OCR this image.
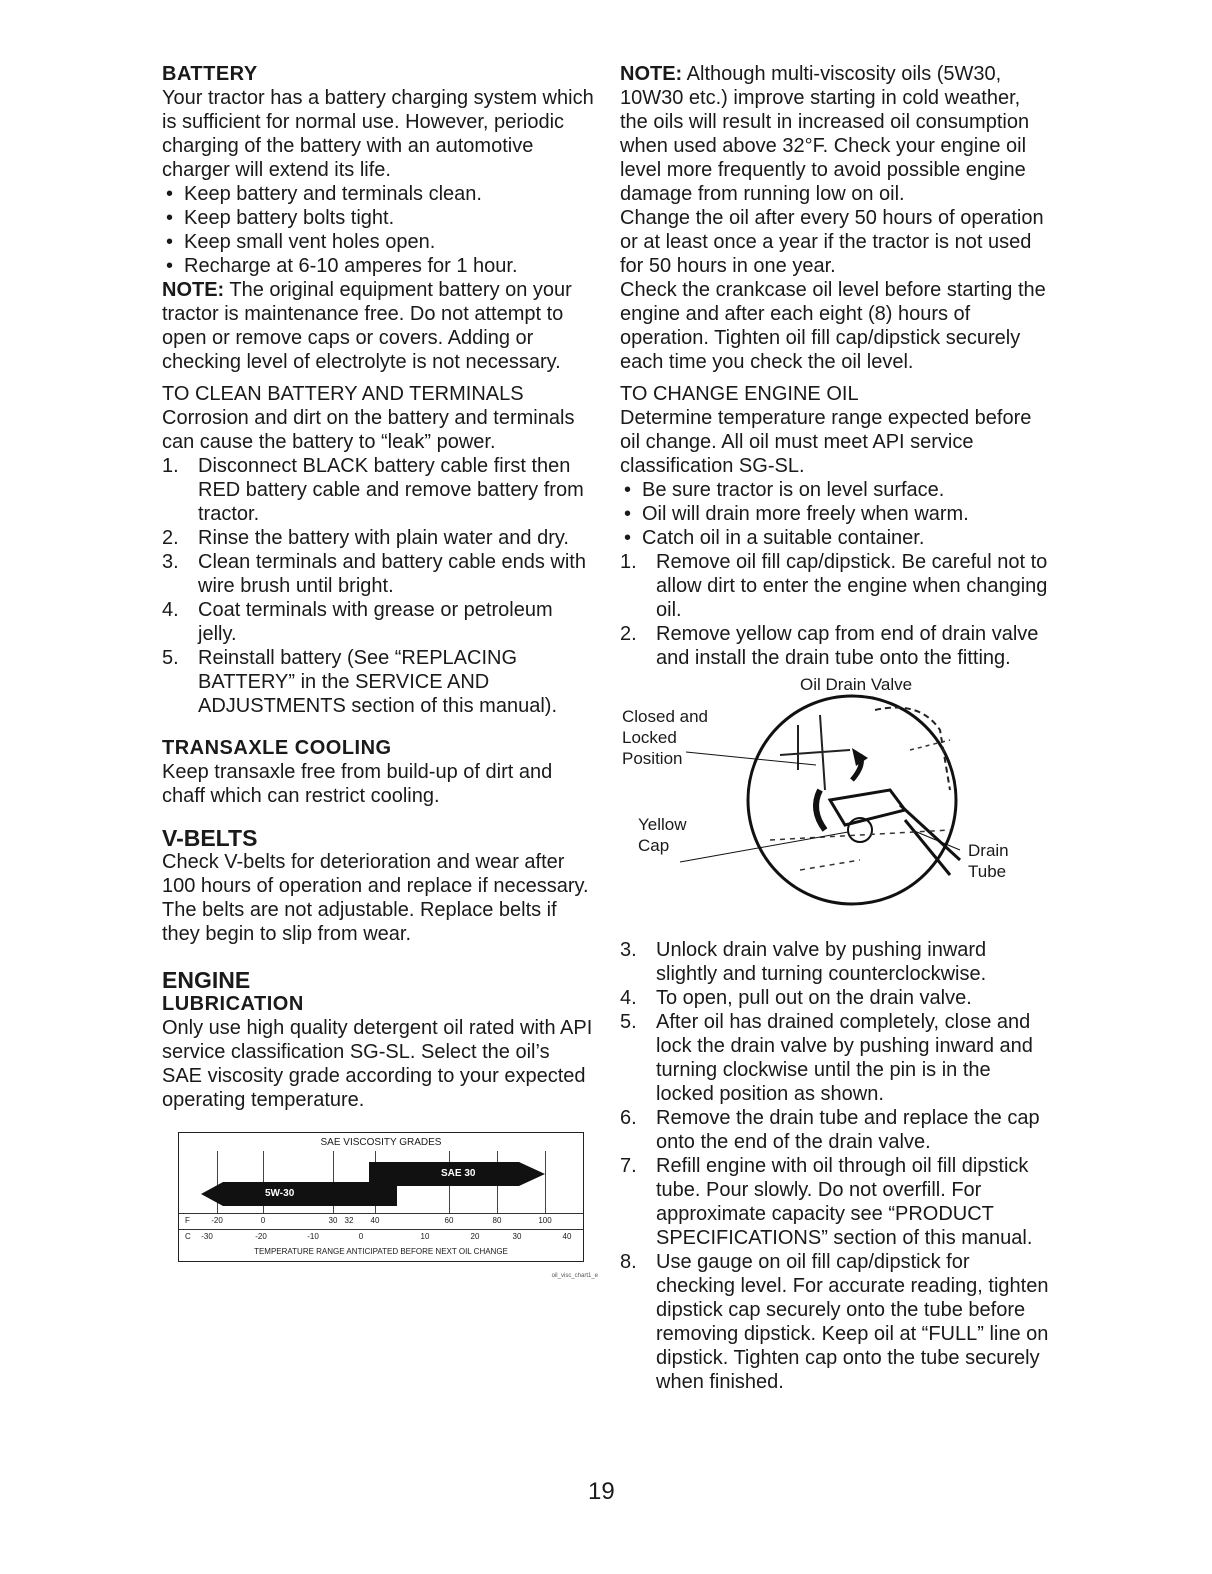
BATTERY

Your tractor has a battery charging system which is sufficient for normal use. However, periodic charging of the battery with an automotive charger will extend its life.

• Keep battery and terminals clean.
• Keep battery bolts tight.
• Keep small vent holes open.
• Recharge at 6-10 amperes for 1 hour.

NOTE: The original equipment battery on your tractor is maintenance free. Do not attempt to open or remove caps or covers. Adding or checking level of electrolyte is not necessary.

TO CLEAN BATTERY AND TERMINALS

Corrosion and dirt on the battery and terminals can cause the battery to “leak” power.

1. Disconnect BLACK battery cable first then RED battery cable and remove battery from tractor.
2. Rinse the battery with plain water and dry.
3. Clean terminals and battery cable ends with wire brush until bright.
4. Coat terminals with grease or petroleum jelly.
5. Reinstall battery (See “REPLACING BATTERY” in the SERVICE AND ADJUSTMENTS section of this manual).

TRANSAXLE COOLING

Keep transaxle free from build-up of dirt and chaff which can restrict cooling.

V-BELTS

Check V-belts for deterioration and wear after 100 hours of operation and replace if necessary. The belts are not adjustable. Replace belts if they begin to slip from wear.

ENGINE

LUBRICATION

Only use high quality detergent oil rated with API service classification SG-SL. Select the oil’s SAE viscosity grade according to your expected operating temperature.

SAE VISCOSITY GRADES
SAE 30
5W-30
F	-20	0	30 32 40	60	80	100
C -30	-20	-10	0	10	20	30	40
TEMPERATURE RANGE ANTICIPATED BEFORE NEXT OIL CHANGE
oil_visc_chart1_e

NOTE: Although multi-viscosity oils (5W30, 10W30 etc.) improve starting in cold weather, the oils will result in increased oil consumption when used above 32°F. Check your engine oil level more frequently to avoid possible engine damage from running low on oil.

Change the oil after every 50 hours of operation or at least once a year if the tractor is not used for 50 hours in one year.

Check the crankcase oil level before starting the engine and after each eight (8) hours of operation. Tighten oil fill cap/dipstick securely each time you check the oil level.

TO CHANGE ENGINE OIL

Determine temperature range expected before oil change. All oil must meet API service classification SG-SL.

• Be sure tractor is on level surface.
• Oil will drain more freely when warm.
• Catch oil in a suitable container.
1. Remove oil fill cap/dipstick. Be careful not to allow dirt to enter the engine when changing oil.
2. Remove yellow cap from end of drain valve and install the drain tube onto the fitting.
Oil Drain Valve
Closed and Locked Position
Yellow Cap	Drain Tube
3. Unlock drain valve by pushing inward slightly and turning counterclockwise.
4. To open, pull out on the drain valve.
5. After oil has drained completely, close and lock the drain valve by pushing inward and turning clockwise until the pin is in the locked position as shown.
6. Remove the drain tube and replace the cap onto the end of the drain valve.
7. Refill engine with oil through oil fill dipstick tube. Pour slowly. Do not overfill. For approximate capacity see “PRODUCT SPECIFICATIONS” section of this manual.
8. Use gauge on oil fill cap/dipstick for checking level. For accurate reading, tighten dipstick cap securely onto the tube before removing dipstick. Keep oil at “FULL” line on dipstick. Tighten cap onto the tube securely when finished.
19
